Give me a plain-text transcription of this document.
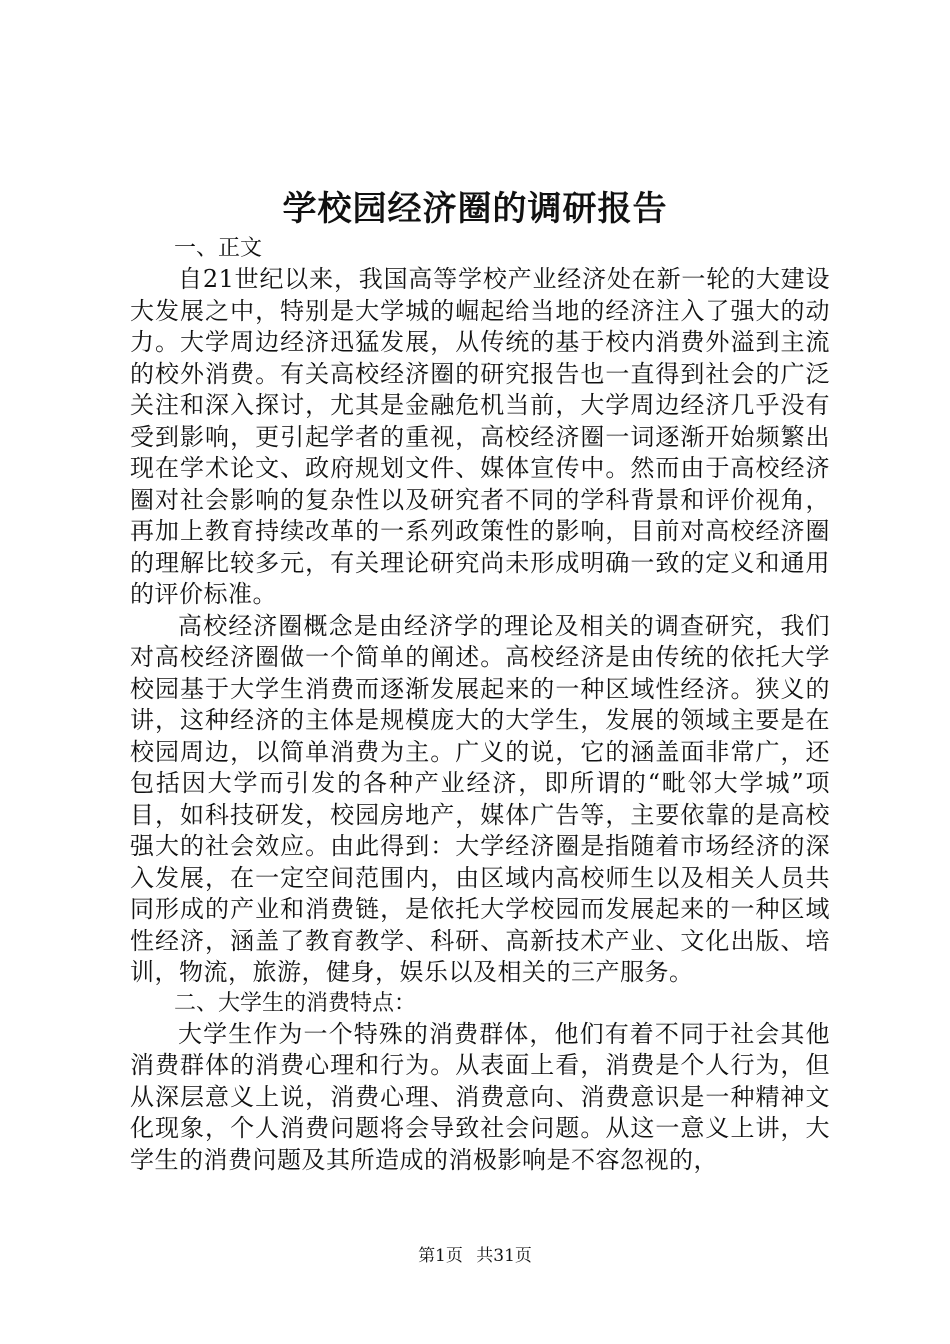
学校园经济圈的调研报告

一、正文

自21世纪以来，我国高等学校产业经济处在新一轮的大建设大发展之中，特别是大学城的崛起给当地的经济注入了强大的动力。大学周边经济迅猛发展，从传统的基于校内消费外溢到主流的校外消费。有关高校经济圈的研究报告也一直得到社会的广泛关注和深入探讨，尤其是金融危机当前，大学周边经济几乎没有受到影响，更引起学者的重视，高校经济圈一词逐渐开始频繁出现在学术论文、政府规划文件、媒体宣传中。然而由于高校经济圈对社会影响的复杂性以及研究者不同的学科背景和评价视角，再加上教育持续改革的一系列政策性的影响，目前对高校经济圈的理解比较多元，有关理论研究尚未形成明确一致的定义和通用的评价标准。

高校经济圈概念是由经济学的理论及相关的调查研究，我们对高校经济圈做一个简单的阐述。高校经济是由传统的依托大学校园基于大学生消费而逐渐发展起来的一种区域性经济。狭义的讲，这种经济的主体是规模庞大的大学生，发展的领域主要是在校园周边，以简单消费为主。广义的说，它的涵盖面非常广，还包括因大学而引发的各种产业经济，即所谓的“毗邻大学城”项目，如科技研发，校园房地产，媒体广告等，主要依靠的是高校强大的社会效应。由此得到：大学经济圈是指随着市场经济的深入发展，在一定空间范围内，由区域内高校师生以及相关人员共同形成的产业和消费链，是依托大学校园而发展起来的一种区域性经济，涵盖了教育教学、科研、高新技术产业、文化出版、培训，物流，旅游，健身，娱乐以及相关的三产服务。

二、大学生的消费特点：

大学生作为一个特殊的消费群体，他们有着不同于社会其他消费群体的消费心理和行为。从表面上看，消费是个人行为，但从深层意义上说，消费心理、消费意向、消费意识是一种精神文化现象，个人消费问题将会导致社会问题。从这一意义上讲，大学生的消费问题及其所造成的消极影响是不容忽视的，

第1页 共31页
